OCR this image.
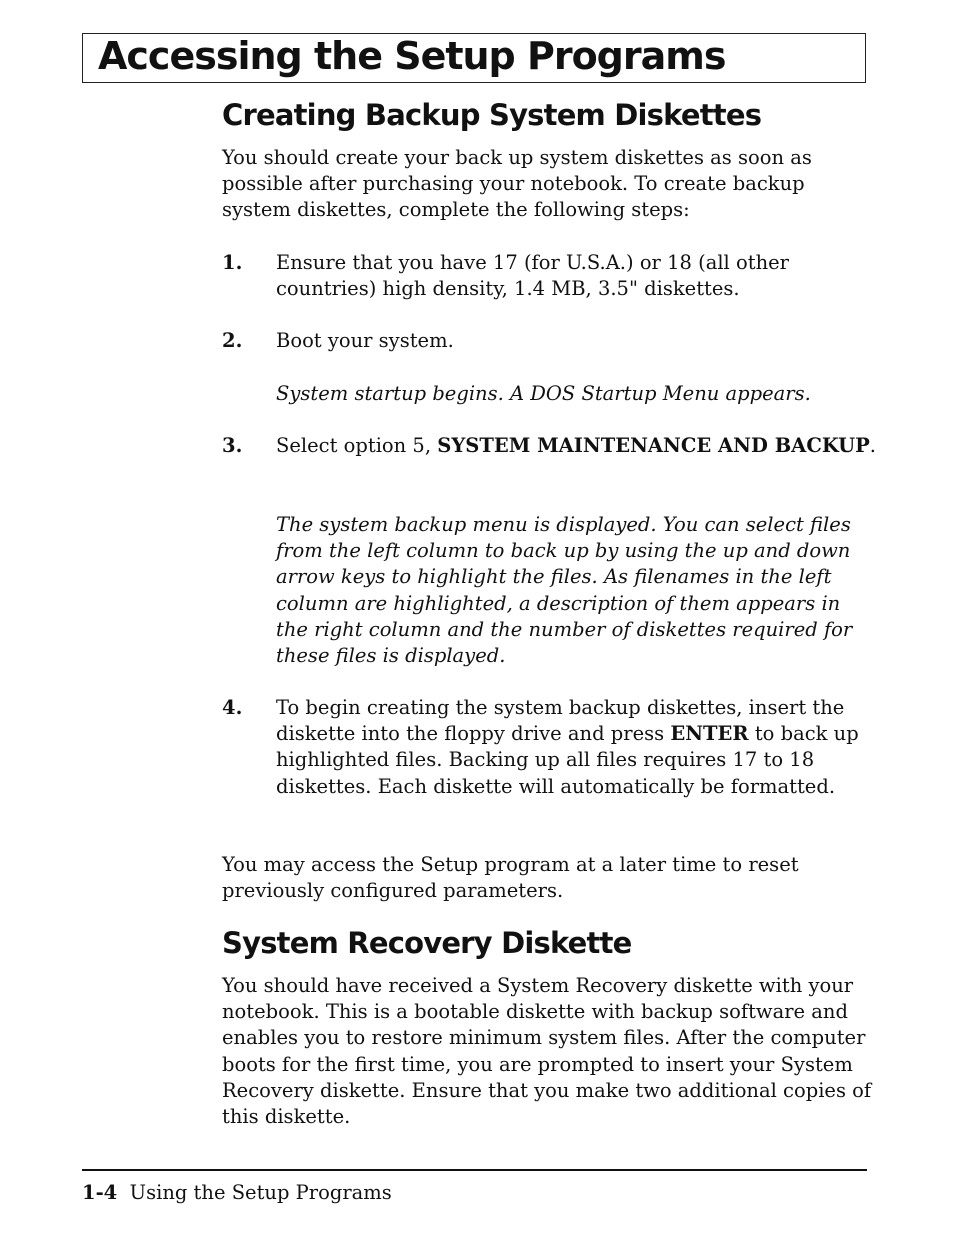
Accessing the Setup Programs
Creating Backup System Diskettes

You should create your back up system diskettes as soon as possible after purchasing your notebook. To create backup system diskettes, complete the following steps:

1. Ensure that you have 17 (for U.S.A.) or 18 (all other countries) high density, 1.4 MB, 3.5" diskettes.
2. Boot your system.

System startup begins. A DOS Startup Menu appears.

3. Select option 5, SYSTEM MAINTENANCE AND BACKUP.

The system backup menu is displayed. You can select files from the left column to back up by using the up and down arrow keys to highlight the files. As filenames in the left column are highlighted, a description of them appears in the right column and the number of diskettes required for these files is displayed.

4. To begin creating the system backup diskettes, insert the diskette into the floppy drive and press ENTER to back up highlighted files. Backing up all files requires 17 to 18 diskettes. Each diskette will automatically be formatted.

You may access the Setup program at a later time to reset previously configured parameters.

System Recovery Diskette

You should have received a System Recovery diskette with your notebook. This is a bootable diskette with backup software and enables you to restore minimum system files. After the computer boots for the first time, you are prompted to insert your System Recovery diskette. Ensure that you make two additional copies of this diskette.

1-4 Using the Setup Programs
